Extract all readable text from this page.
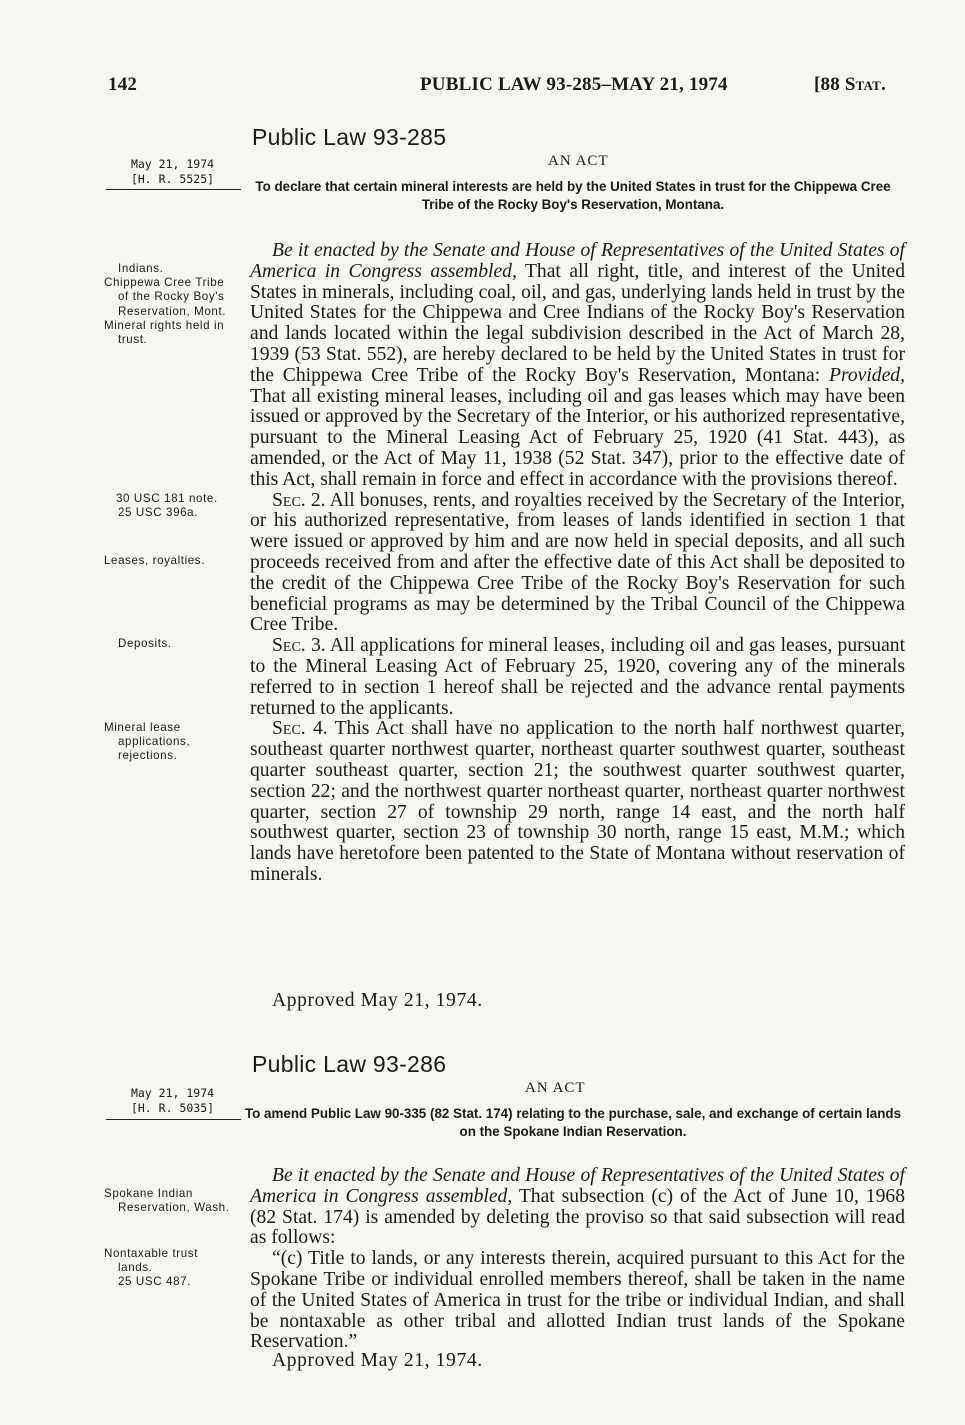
142	PUBLIC LAW 93-285–MAY 21, 1974	[88 Stat.
Public Law 93-285
AN ACT
May 21, 1974
[H. R. 5525]	To declare that certain mineral interests are held by the United States in trust for the Chippewa Cree Tribe of the Rocky Boy's Reservation, Montana.

Indians.

Chippewa Cree Tribe of the Rocky Boy's Reservation, Mont.

Mineral rights held in trust.

30 USC 181 note.

25 USC 396a.

Leases, royalties.

Deposits.

Mineral lease applications, rejections.

Be it enacted by the Senate and House of Representatives of the United States of America in Congress assembled, That all right, title, and interest of the United States in minerals, including coal, oil, and gas, underlying lands held in trust by the United States for the Chippewa and Cree Indians of the Rocky Boy's Reservation and lands located within the legal subdivision described in the Act of March 28, 1939 (53 Stat. 552), are hereby declared to be held by the United States in trust for the Chippewa Cree Tribe of the Rocky Boy's Reservation, Montana: Provided, That all existing mineral leases, including oil and gas leases which may have been issued or approved by the Secretary of the Interior, or his authorized representative, pursuant to the Mineral Leasing Act of February 25, 1920 (41 Stat. 443), as amended, or the Act of May 11, 1938 (52 Stat. 347), prior to the effective date of this Act, shall remain in force and effect in accordance with the provisions thereof.

Sec. 2. All bonuses, rents, and royalties received by the Secretary of the Interior, or his authorized representative, from leases of lands identified in section 1 that were issued or approved by him and are now held in special deposits, and all such proceeds received from and after the effective date of this Act shall be deposited to the credit of the Chippewa Cree Tribe of the Rocky Boy's Reservation for such beneficial programs as may be determined by the Tribal Council of the Chippewa Cree Tribe.

Sec. 3. All applications for mineral leases, including oil and gas leases, pursuant to the Mineral Leasing Act of February 25, 1920, covering any of the minerals referred to in section 1 hereof shall be rejected and the advance rental payments returned to the applicants.

Sec. 4. This Act shall have no application to the north half northwest quarter, southeast quarter northwest quarter, northeast quarter southwest quarter, southeast quarter southeast quarter, section 21; the southwest quarter southwest quarter, section 22; and the northwest quarter northeast quarter, northeast quarter northwest quarter, section 27 of township 29 north, range 14 east, and the north half southwest quarter, section 23 of township 30 north, range 15 east, M.M.; which lands have heretofore been patented to the State of Montana without reservation of minerals.

Approved May 21, 1974.
Public Law 93-286
AN ACT
May 21, 1974
[H. R. 5035]	To amend Public Law 90-335 (82 Stat. 174) relating to the purchase, sale, and exchange of certain lands on the Spokane Indian Reservation.

Spokane Indian Reservation, Wash.

Nontaxable trust lands.

25 USC 487.

Be it enacted by the Senate and House of Representatives of the United States of America in Congress assembled, That subsection (c) of the Act of June 10, 1968 (82 Stat. 174) is amended by deleting the proviso so that said subsection will read as follows:

“(c) Title to lands, or any interests therein, acquired pursuant to this Act for the Spokane Tribe or individual enrolled members thereof, shall be taken in the name of the United States of America in trust for the tribe or individual Indian, and shall be nontaxable as other tribal and allotted Indian trust lands of the Spokane Reservation.”

Approved May 21, 1974.
